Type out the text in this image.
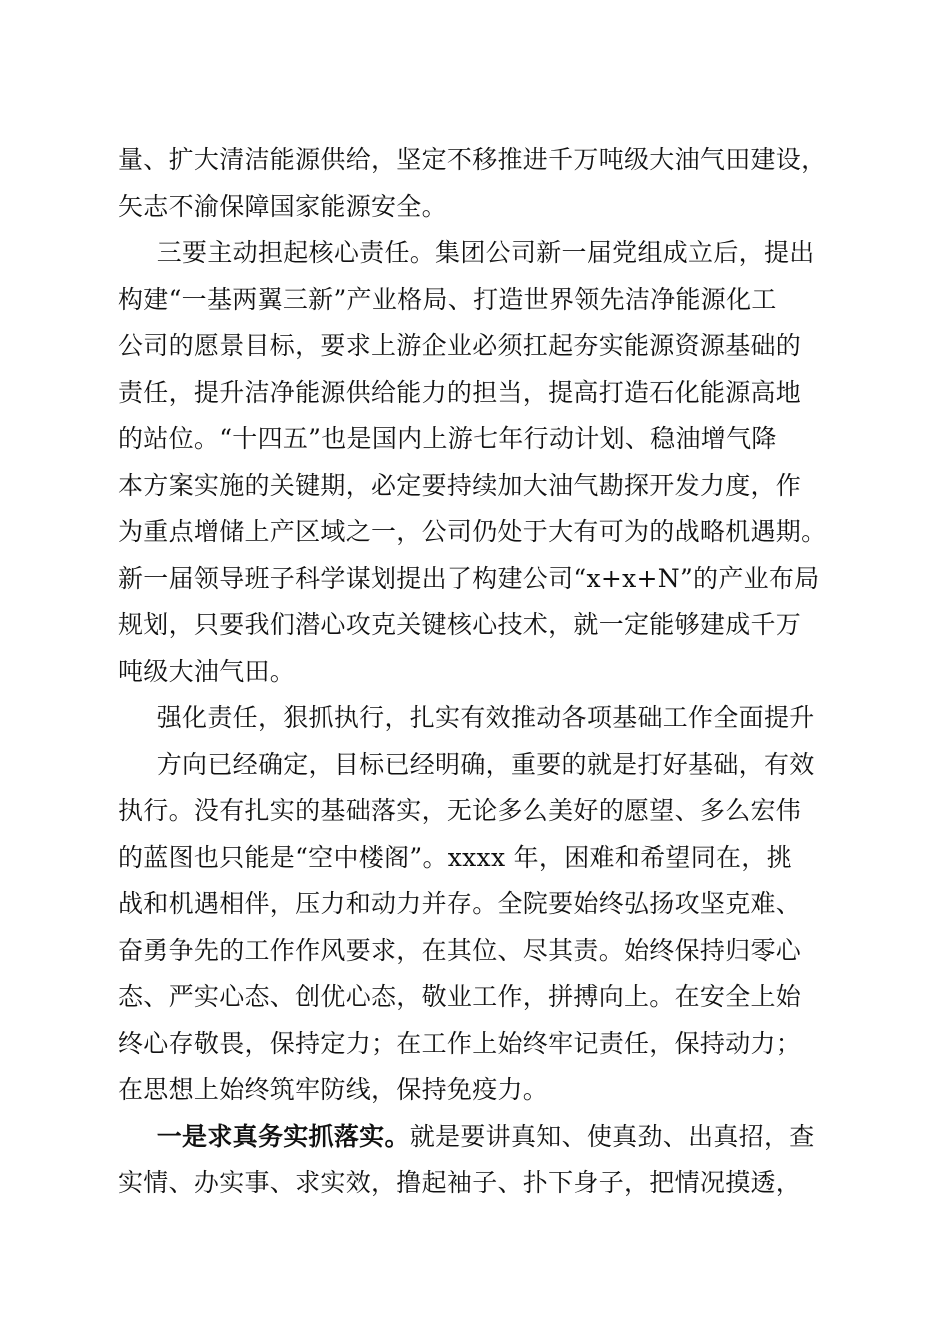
量、扩大清洁能源供给，坚定不移推进千万吨级大油气田建设，
矢志不渝保障国家能源安全。

三要主动担起核心责任。集团公司新一届党组成立后，提出
构建“一基两翼三新”产业格局、打造世界领先洁净能源化工
公司的愿景目标，要求上游企业必须扛起夯实能源资源基础的
责任，提升洁净能源供给能力的担当，提高打造石化能源高地
的站位。“十四五”也是国内上游七年行动计划、稳油增气降
本方案实施的关键期，必定要持续加大油气勘探开发力度，作
为重点增储上产区域之一，公司仍处于大有可为的战略机遇期。
新一届领导班子科学谋划提出了构建公司“x+x+N”的产业布局
规划，只要我们潜心攻克关键核心技术，就一定能够建成千万
吨级大油气田。

强化责任，狠抓执行，扎实有效推动各项基础工作全面提升

方向已经确定，目标已经明确，重要的就是打好基础，有效
执行。没有扎实的基础落实，无论多么美好的愿望、多么宏伟
的蓝图也只能是“空中楼阁”。xxxx 年，困难和希望同在，挑
战和机遇相伴，压力和动力并存。全院要始终弘扬攻坚克难、
奋勇争先的工作作风要求，在其位、尽其责。始终保持归零心
态、严实心态、创优心态，敬业工作，拼搏向上。在安全上始
终心存敬畏，保持定力；在工作上始终牢记责任，保持动力；
在思想上始终筑牢防线，保持免疫力。

一是求真务实抓落实。就是要讲真知、使真劲、出真招，查
实情、办实事、求实效，撸起袖子、扑下身子，把情况摸透，
